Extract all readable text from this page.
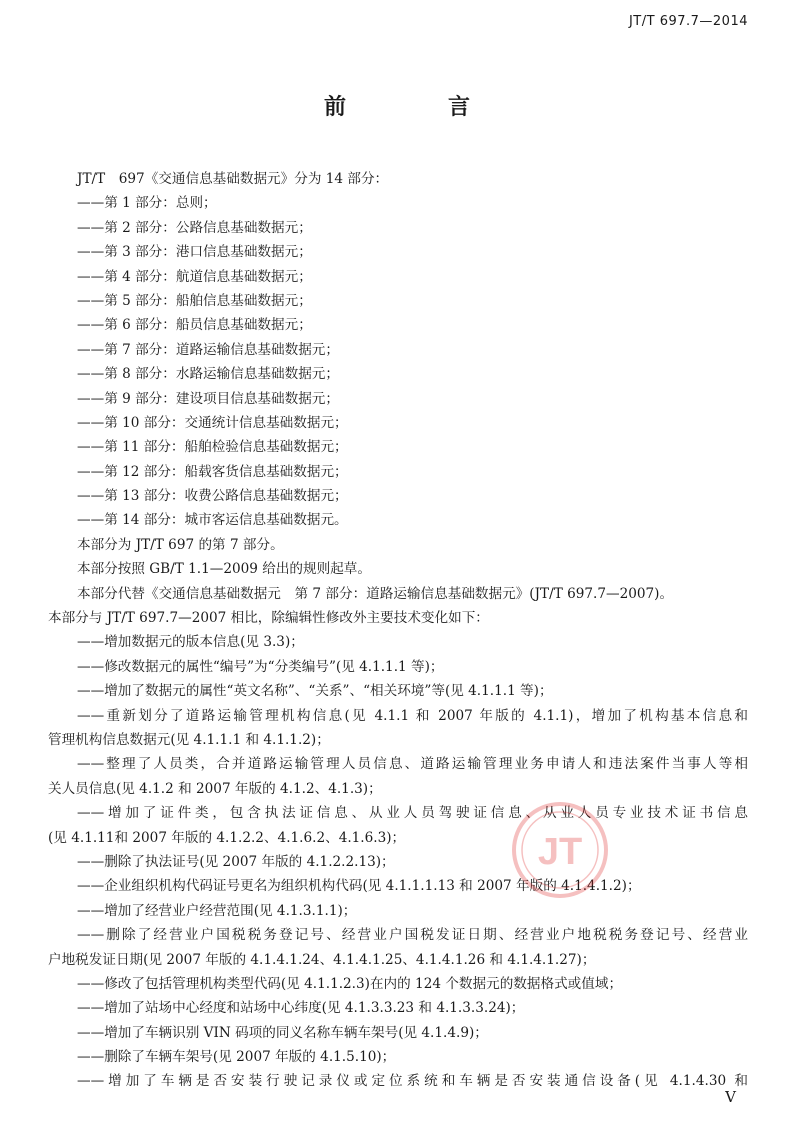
JT/T 697.7—2014
前　言
JT/T　697《交通信息基础数据元》分为 14 部分：
——第 1 部分：总则；
——第 2 部分：公路信息基础数据元；
——第 3 部分：港口信息基础数据元；
——第 4 部分：航道信息基础数据元；
——第 5 部分：船舶信息基础数据元；
——第 6 部分：船员信息基础数据元；
——第 7 部分：道路运输信息基础数据元；
——第 8 部分：水路运输信息基础数据元；
——第 9 部分：建设项目信息基础数据元；
——第 10 部分：交通统计信息基础数据元；
——第 11 部分：船舶检验信息基础数据元；
——第 12 部分：船载客货信息基础数据元；
——第 13 部分：收费公路信息基础数据元；
——第 14 部分：城市客运信息基础数据元。
本部分为 JT/T 697 的第 7 部分。
本部分按照 GB/T 1.1—2009 给出的规则起草。
本部分代替《交通信息基础数据元　第 7 部分：道路运输信息基础数据元》(JT/T 697.7—2007)。
本部分与 JT/T 697.7—2007 相比，除编辑性修改外主要技术变化如下：
——增加数据元的版本信息(见 3.3)；
——修改数据元的属性“编号”为“分类编号”(见 4.1.1.1 等)；
——增加了数据元的属性“英文名称”、“关系”、“相关环境”等(见 4.1.1.1 等)；
——重新划分了道路运输管理机构信息(见 4.1.1 和 2007 年版的 4.1.1)，增加了机构基本信息和
管理机构信息数据元(见 4.1.1.1 和 4.1.1.2)；
——整理了人员类，合并道路运输管理人员信息、道路运输管理业务申请人和违法案件当事人等相
关人员信息(见 4.1.2 和 2007 年版的 4.1.2、4.1.3)；
——增加了证件类，包含执法证信息、从业人员驾驶证信息、从业人员专业技术证书信息
(见 4.1.11和 2007 年版的 4.1.2.2、4.1.6.2、4.1.6.3)；
——删除了执法证号(见 2007 年版的 4.1.2.2.13)；
——企业组织机构代码证号更名为组织机构代码(见 4.1.1.1.13 和 2007 年版的 4.1.4.1.2)；
——增加了经营业户经营范围(见 4.1.3.1.1)；
——删除了经营业户国税税务登记号、经营业户国税发证日期、经营业户地税税务登记号、经营业
户地税发证日期(见 2007 年版的 4.1.4.1.24、4.1.4.1.25、4.1.4.1.26 和 4.1.4.1.27)；
——修改了包括管理机构类型代码(见 4.1.1.2.3)在内的 124 个数据元的数据格式或值域；
——增加了站场中心经度和站场中心纬度(见 4.1.3.3.23 和 4.1.3.3.24)；
——增加了车辆识别 VIN 码项的同义名称车辆车架号(见 4.1.4.9)；
——删除了车辆车架号(见 2007 年版的 4.1.5.10)；
——增加了车辆是否安装行驶记录仪或定位系统和车辆是否安装通信设备(见 4.1.4.30 和
JT
V
